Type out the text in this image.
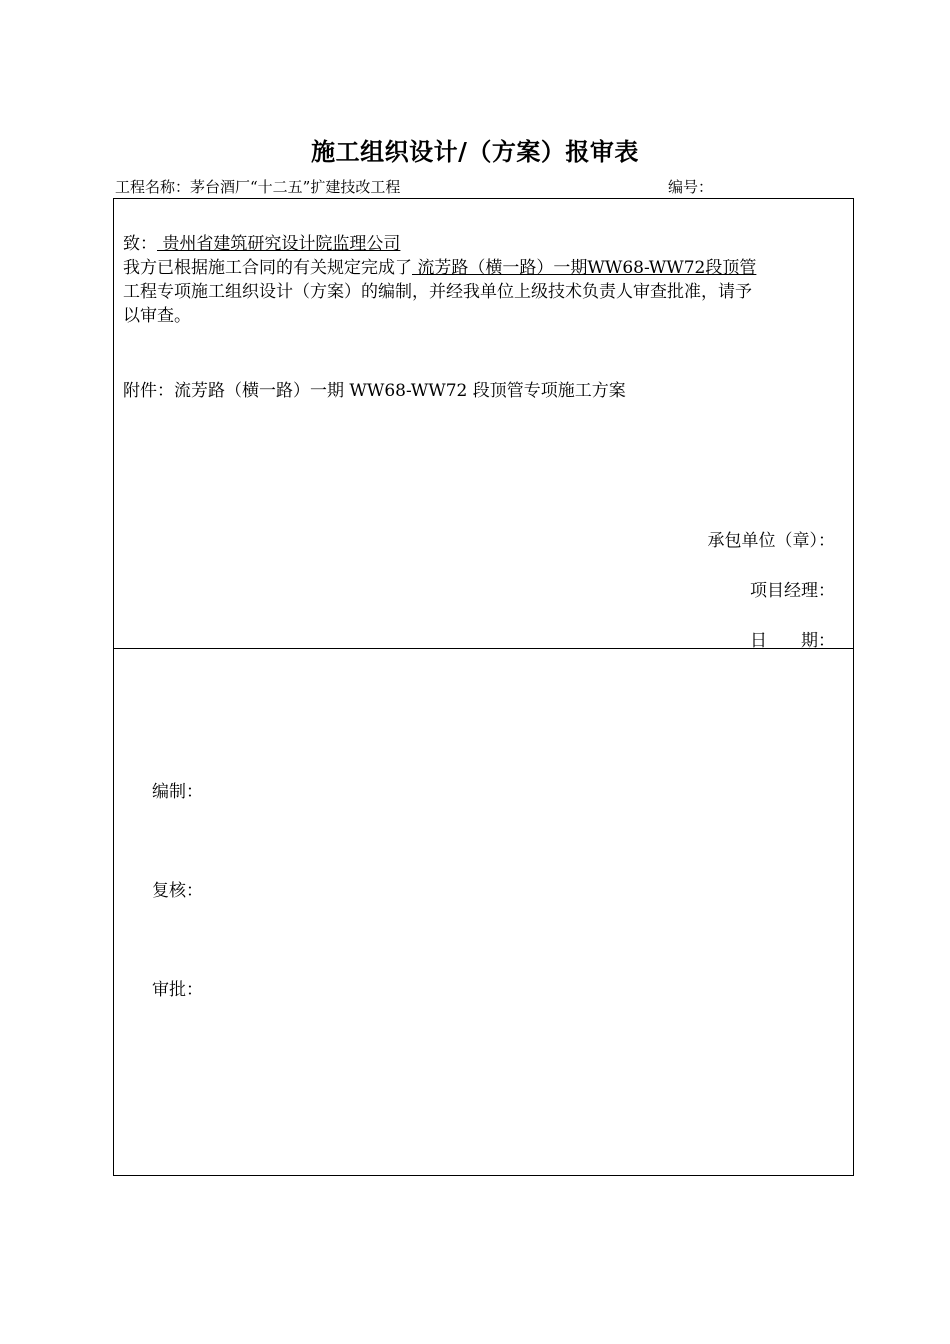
施工组织设计/（方案）报审表
工程名称：茅台酒厂“十二五”扩建技改工程	编号：
致： 贵州省建筑研究设计院监理公司
我方已根据施工合同的有关规定完成了 流芳路（横一路）一期WW68-WW72段顶管
工程专项施工组织设计（方案）的编制，并经我单位上级技术负责人审查批准，请予
以审查。
附件：流芳路（横一路）一期 WW68-WW72 段顶管专项施工方案
承包单位（章）：
项目经理：
日　　期：
编制：
复核：
审批：
